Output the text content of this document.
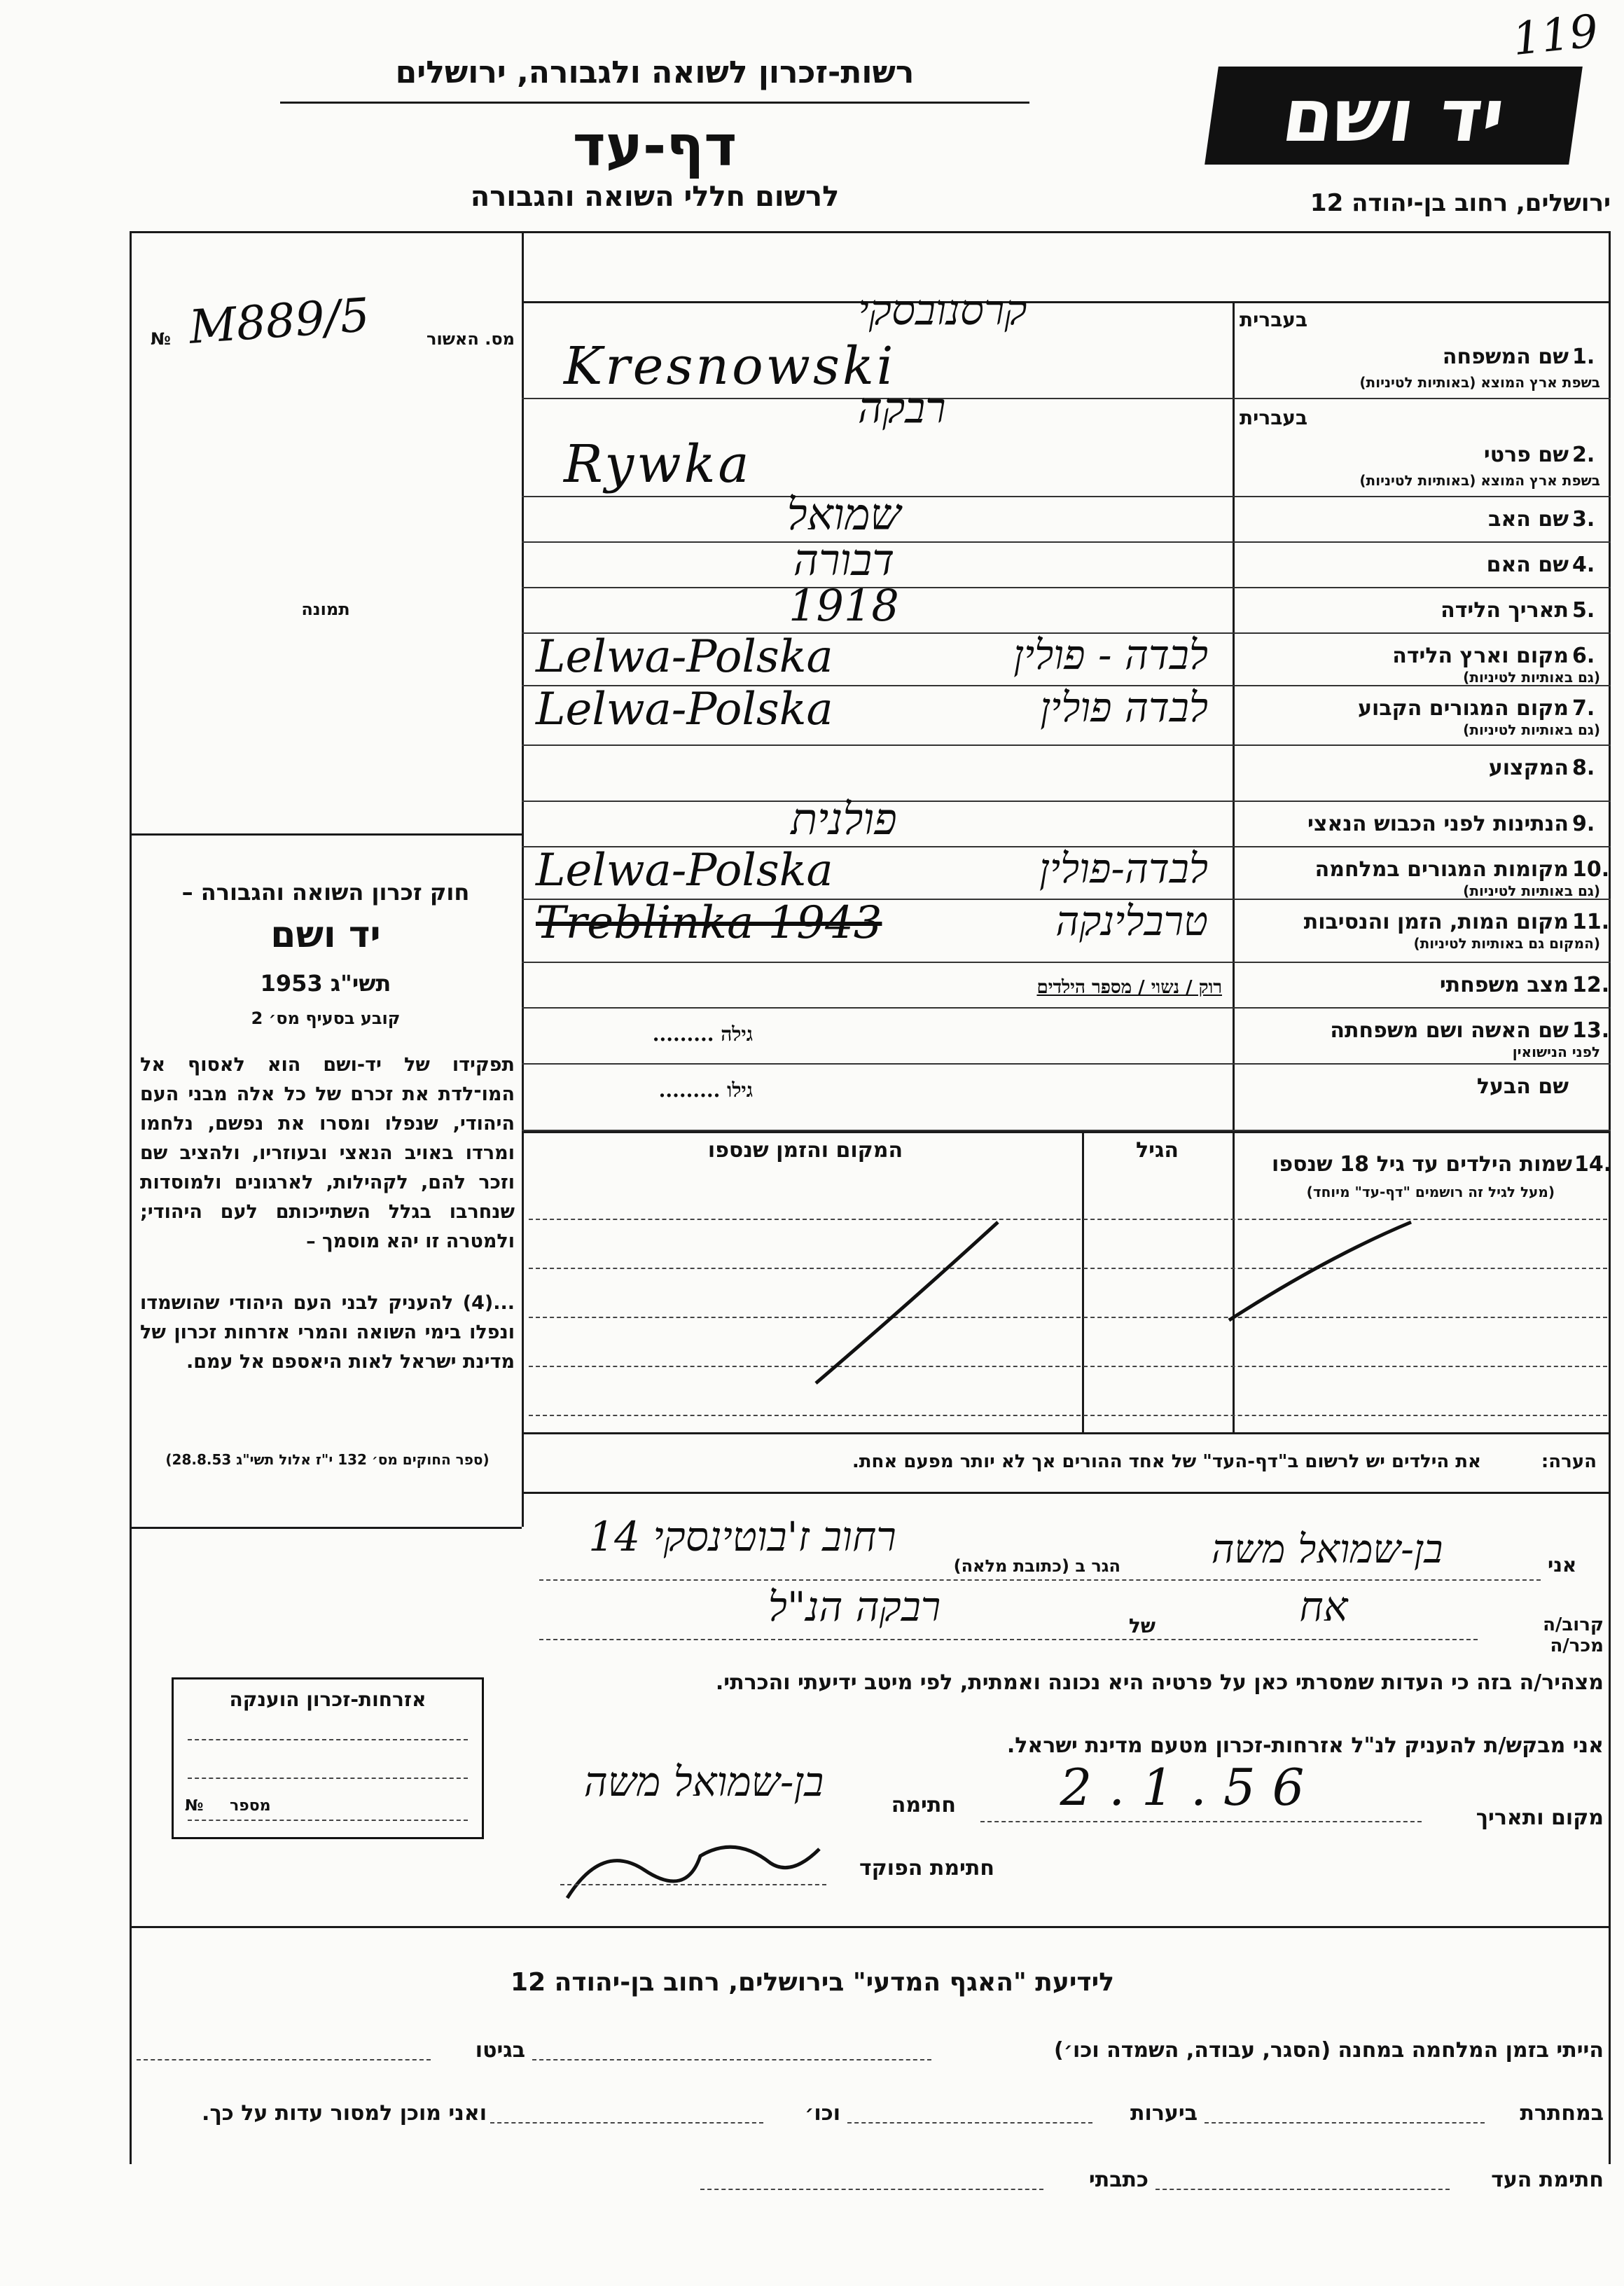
119
רשות-זכרון לשואה ולגבורה, ירושלים
דף-עד
לרשום חללי השואה והגבורה
יד ושם
ירושלים, רחוב בן-יהודה 12
№ M889/5	מס. האשור
תמונה
חוק זכרון השואה והגבורה –
יד ושם
תשי"ג 1953
קובע בסעיף מס׳ 2
תפקידו של יד-ושם הוא לאסוף אל המו־לדת את זכרם של כל אלה מבני העם היהודי, שנפלו ומסרו את נפשם, נלחמו ומרדו באויב הנאצי ובעוזריו, ולהציב שם וזכר להם, לקהילות, לארגונים ולמוסדות שנחרבו בגלל השתייכותם לעם היהודי; ולמטרה זו יהא מוסמך –
...(4) להעניק לבני העם היהודי שהושמדו ונפלו בימי השואה והמרי אזרחות זכרון של מדינת ישראל לאות היאספם אל עמם.
(ספר החוקים מס׳ 132 י"ז אלול תשי"ג 28.8.53)
1.
שם המשפחה
בעברית
בשפת ארץ המוצא (באותיות לטיניות)
קרסנובסקי
Kresnowski
2.
שם פרטי
בעברית
בשפת ארץ המוצא (באותיות לטיניות)
רבקה
Rywka
3.
שם האב
שמואל
4.
שם האם
דבורה
5.
תאריך הלידה
1918
6.
מקום וארץ הלידה
(גם באותיות לטיניות)
Lelwa-Polska	לבדה - פולין
7.
מקום המגורים הקבוע
(גם באותיות לטיניות)
Lelwa-Polska	לבדה פולין
8.
המקצוע
9.
הנתינות לפני הכבוש הנאצי
פולנית
10.
מקומות המגורים במלחמה
(גם באותיות לטיניות)
Lelwa-Polska	לבדה-פולין
11.
מקום המות, הזמן והנסיבות
(המקום גם באותיות לטיניות)
Treblinka 1943	טרבלינקה
12.
מצב משפחתי
רוק / נשוי / מספר הילדים
13.
שם האשה ושם משפחתה
לפני הנישואין
גילה .........
שם הבעל
גילו .........
שמות הילדים עד גיל 18 שנספו 14.
(מעל לגיל זה רושמים "דף-עד" מיוחד)
הגיל
המקום והזמן שנספו
הערה:
את הילדים יש לרשום ב"דף-העד" של אחד ההורים אך לא יותר מפעם אחת.
אני
בן-שמואל משה
הגר ב (כתובת מלאה)
רחוב ז'בוטינסקי 14
קרוב/ה מכר/ה
אח
של
רבקה הנ"ל
מצהיר/ה בזה כי העדות שמסרתי כאן על פרטיה היא נכונה ואמתית, לפי מיטב ידיעתי והכרתי.
אני מבקש/ת להעניק לנ"ל אזרחות-זכרון מטעם מדינת ישראל.
מקום ותאריך
2.1.56
חתימה
בן-שמואל משה
חתימת הפוקד
אזרחות-זכרון הוענקה
№ מספר
לידיעת "האגף המדעי" בירושלים, רחוב בן-יהודה 12
הייתי בזמן המלחמה במחנה (הסגר, עבודה, השמדה וכו׳)
בגיטו
במחתרת
ביערות
וכו׳
ואני מוכן למסור עדות על כך.
חתימת העד
כתבתי
